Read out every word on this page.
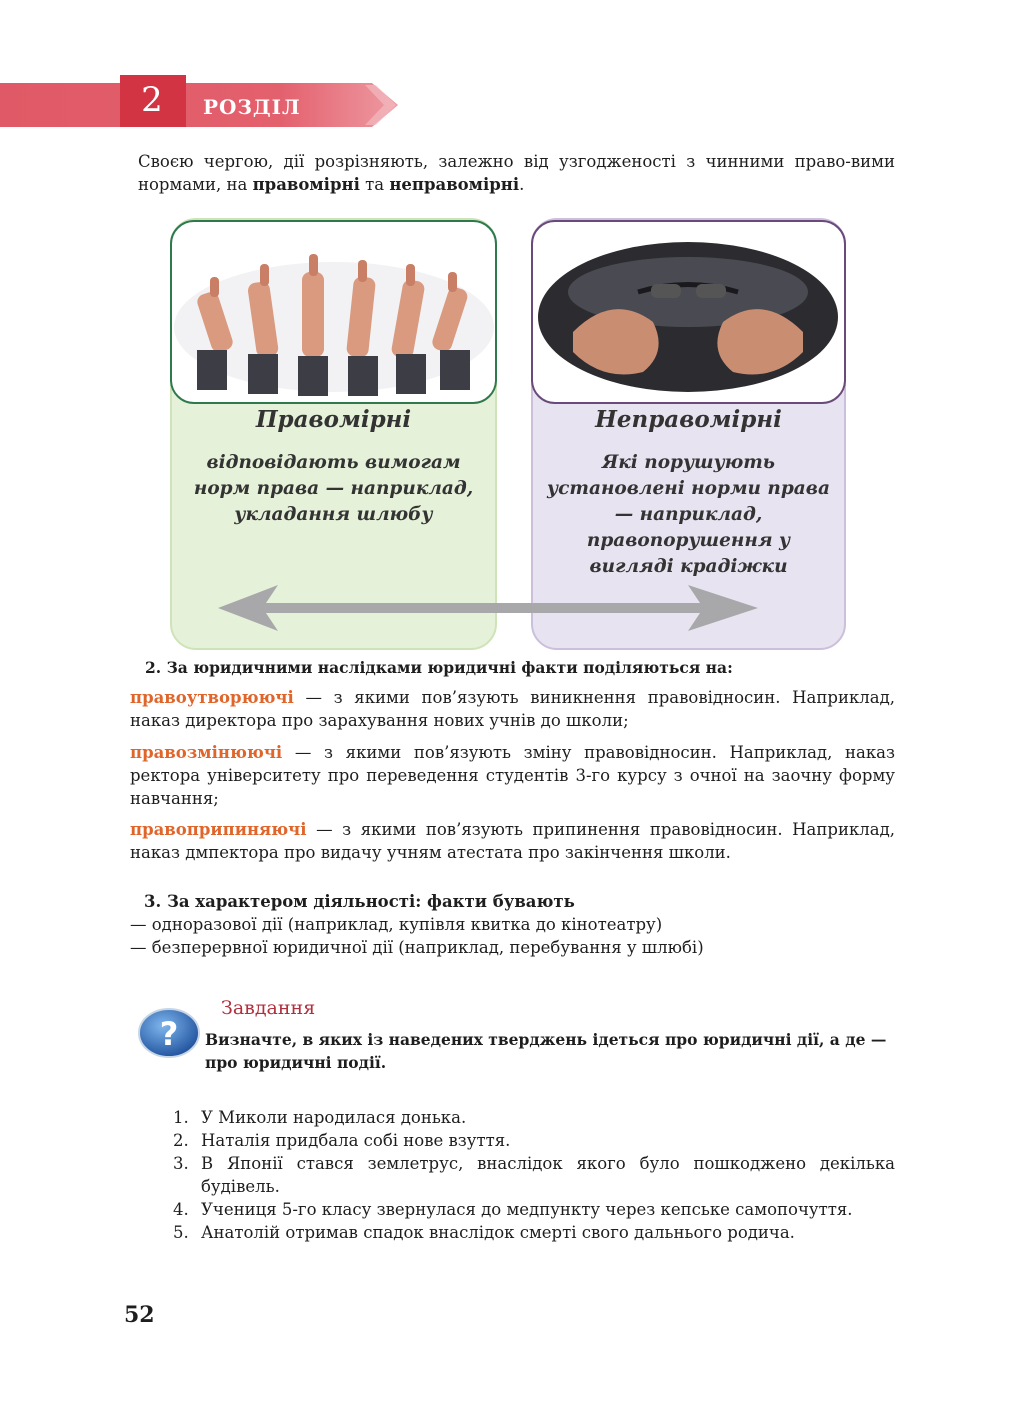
2	РОЗДІЛ
Своєю чергою, дії розрізняють, залежно від узгодженості з чинними право-вими нормами, на правомірні та неправомірні.
Правомірні
відповідають вимогам норм права — наприклад, укладання шлюбу
Неправомірні
Які порушують установлені норми права — наприклад, правопорушення у вигляді крадіжки
2. За юридичними наслідками юридичні факти поділяються на:
правоутворюючі — з якими пов’язують виникнення правовідносин. Наприклад, наказ директора про зарахування нових учнів до школи;
правозмінюючі — з якими пов’язують зміну правовідносин. Наприклад, наказ ректора університету про переведення студентів 3-го курсу з очної на заочну форму навчання;
правоприпиняючі — з якими пов’язують припинення правовідносин. Наприклад, наказ дмпектора про видачу учням атестата про закінчення школи.
3. За характером діяльності: факти бувають
— одноразової дії (наприклад, купівля квитка до кінотеатру)
— безперервної юридичної дії (наприклад, перебування у шлюбі)
?
Завдання
Визначте, в яких із наведених тверджень ідеться про юридичні дії, а де — про юридичні події.
1. У Миколи народилася донька.
2. Наталія придбала собі нове взуття.
3. В Японії стався землетрус, внаслідок якого було пошкоджено декілька будівель.
4. Учениця 5-го класу звернулася до медпункту через кепське самопочуття.
5. Анатолій отримав спадок внаслідок смерті свого дальнього родича.
52
